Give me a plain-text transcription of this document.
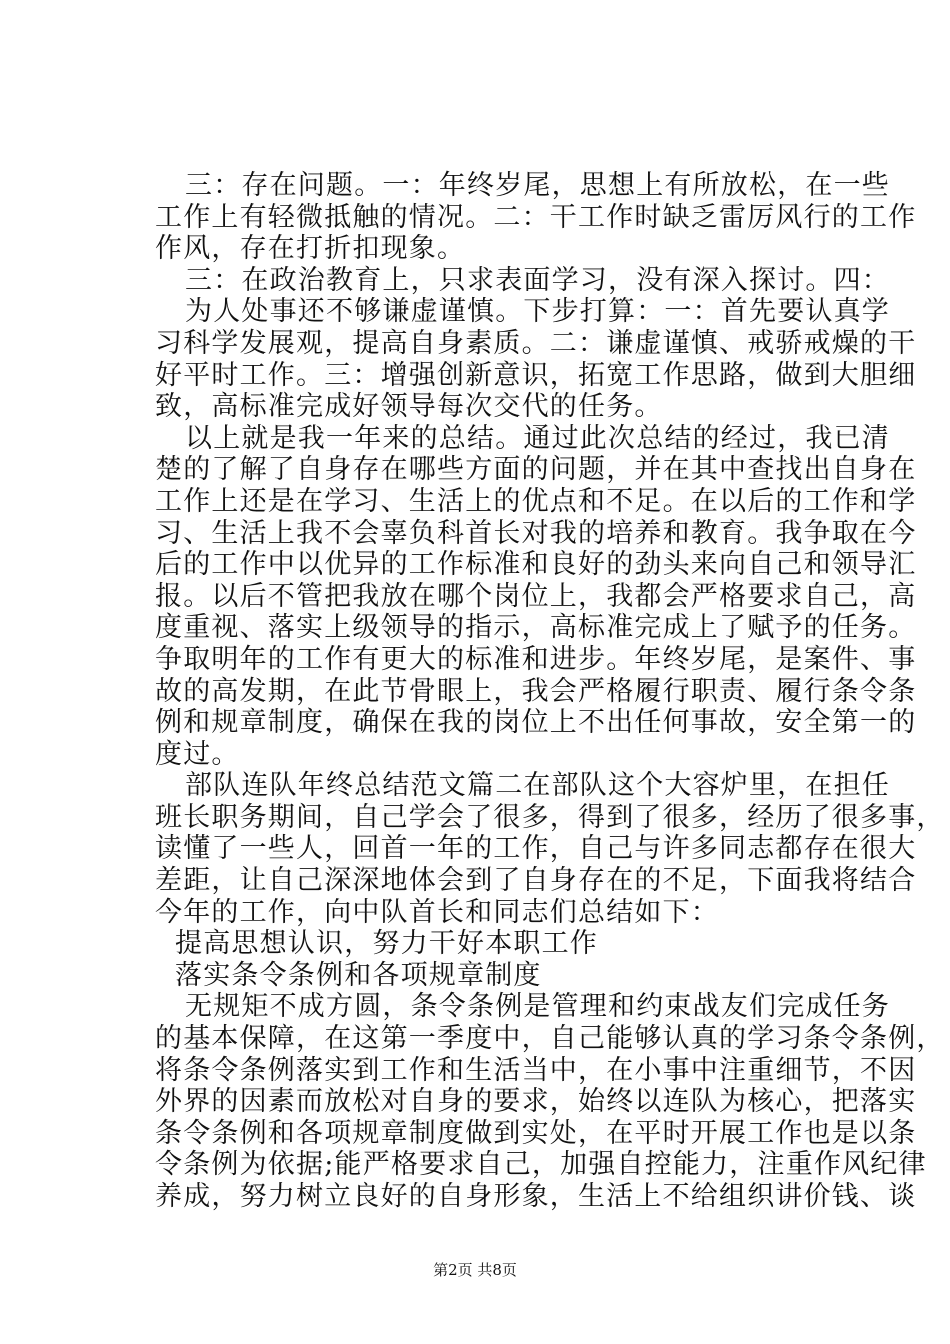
三：存在问题。一：年终岁尾，思想上有所放松，在一些
工作上有轻微抵触的情况。二：干工作时缺乏雷厉风行的工作
作风，存在打折扣现象。
三：在政治教育上，只求表面学习，没有深入探讨。四：
为人处事还不够谦虚谨慎。下步打算：一：首先要认真学
习科学发展观，提高自身素质。二：谦虚谨慎、戒骄戒燥的干
好平时工作。三：增强创新意识，拓宽工作思路，做到大胆细
致，高标准完成好领导每次交代的任务。
以上就是我一年来的总结。通过此次总结的经过，我已清
楚的了解了自身存在哪些方面的问题，并在其中查找出自身在
工作上还是在学习、生活上的优点和不足。在以后的工作和学
习、生活上我不会辜负科首长对我的培养和教育。我争取在今
后的工作中以优异的工作标准和良好的劲头来向自己和领导汇
报。以后不管把我放在哪个岗位上，我都会严格要求自己，高
度重视、落实上级领导的指示，高标准完成上了赋予的任务。
争取明年的工作有更大的标准和进步。年终岁尾，是案件、事
故的高发期，在此节骨眼上，我会严格履行职责、履行条令条
例和规章制度，确保在我的岗位上不出任何事故，安全第一的
度过。
部队连队年终总结范文篇二在部队这个大容炉里，在担任
班长职务期间，自己学会了很多，得到了很多，经历了很多事，
读懂了一些人，回首一年的工作，自己与许多同志都存在很大
差距，让自己深深地体会到了自身存在的不足，下面我将结合
今年的工作，向中队首长和同志们总结如下：
提高思想认识，努力干好本职工作
落实条令条例和各项规章制度
无规矩不成方圆，条令条例是管理和约束战友们完成任务
的基本保障，在这第一季度中，自己能够认真的学习条令条例，
将条令条例落实到工作和生活当中，在小事中注重细节，不因
外界的因素而放松对自身的要求，始终以连队为核心，把落实
条令条例和各项规章制度做到实处，在平时开展工作也是以条
令条例为依据;能严格要求自己，加强自控能力，注重作风纪律
养成，努力树立良好的自身形象，生活上不给组织讲价钱、谈
第2页 共8页
